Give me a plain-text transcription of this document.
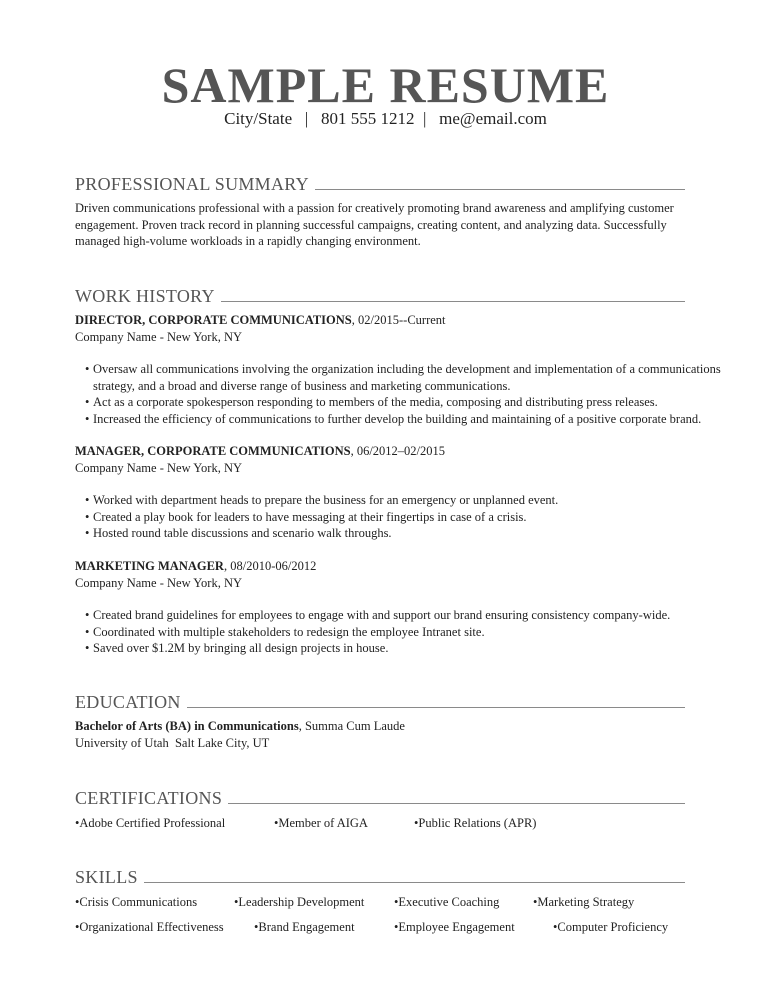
SAMPLE RESUME
City/State   |   801 555 1212  |   me@email.com
PROFESSIONAL SUMMARY
Driven communications professional with a passion for creatively promoting brand awareness and amplifying customer engagement. Proven track record in planning successful campaigns, creating content, and analyzing data. Successfully managed high-volume workloads in a rapidly changing environment.
WORK HISTORY
DIRECTOR, CORPORATE COMMUNICATIONS, 02/2015--Current
Company Name - New York, NY
• Oversaw all communications involving the organization including the development and implementation of a communications strategy, and a broad and diverse range of business and marketing communications.
• Act as a corporate spokesperson responding to members of the media, composing and distributing press releases.
• Increased the efficiency of communications to further develop the building and maintaining of a positive corporate brand.
MANAGER, CORPORATE COMMUNICATIONS, 06/2012–02/2015
Company Name - New York, NY
• Worked with department heads to prepare the business for an emergency or unplanned event.
• Created a play book for leaders to have messaging at their fingertips in case of a crisis.
• Hosted round table discussions and scenario walk throughs.
MARKETING MANAGER, 08/2010-06/2012
Company Name - New York, NY
• Created brand guidelines for employees to engage with and support our brand ensuring consistency company-wide.
• Coordinated with multiple stakeholders to redesign the employee Intranet site.
• Saved over $1.2M by bringing all design projects in house.
EDUCATION
Bachelor of Arts (BA) in Communications, Summa Cum Laude
University of Utah  Salt Lake City, UT
CERTIFICATIONS
• Adobe Certified Professional	• Member of AIGA	• Public Relations (APR)
SKILLS
• Crisis Communications	• Leadership Development	• Executive Coaching	• Marketing Strategy
• Organizational Effectiveness	• Brand Engagement	• Employee Engagement	• Computer Proficiency
